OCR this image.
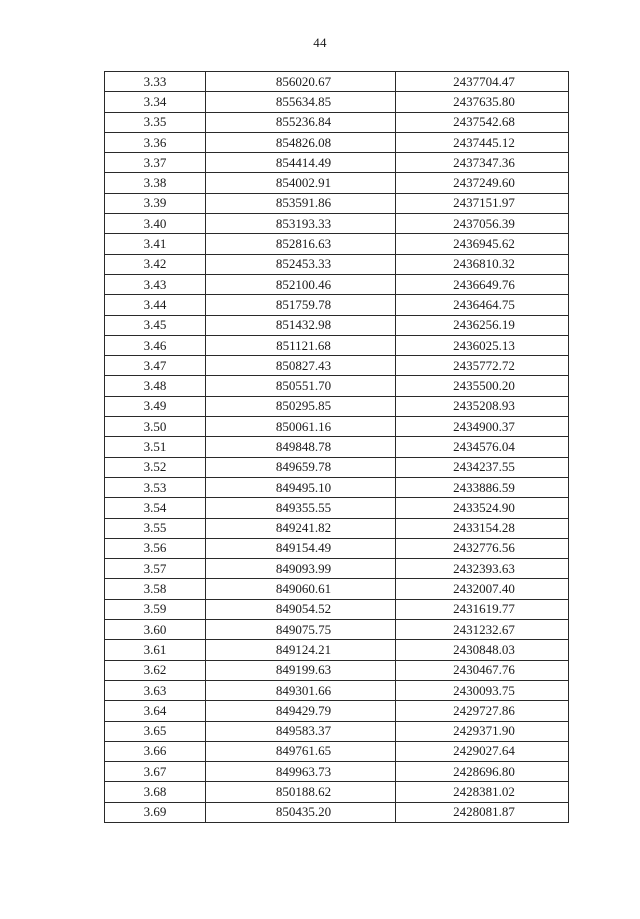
44
3.33	856020.67	2437704.47
3.34	855634.85	2437635.80
3.35	855236.84	2437542.68
3.36	854826.08	2437445.12
3.37	854414.49	2437347.36
3.38	854002.91	2437249.60
3.39	853591.86	2437151.97
3.40	853193.33	2437056.39
3.41	852816.63	2436945.62
3.42	852453.33	2436810.32
3.43	852100.46	2436649.76
3.44	851759.78	2436464.75
3.45	851432.98	2436256.19
3.46	851121.68	2436025.13
3.47	850827.43	2435772.72
3.48	850551.70	2435500.20
3.49	850295.85	2435208.93
3.50	850061.16	2434900.37
3.51	849848.78	2434576.04
3.52	849659.78	2434237.55
3.53	849495.10	2433886.59
3.54	849355.55	2433524.90
3.55	849241.82	2433154.28
3.56	849154.49	2432776.56
3.57	849093.99	2432393.63
3.58	849060.61	2432007.40
3.59	849054.52	2431619.77
3.60	849075.75	2431232.67
3.61	849124.21	2430848.03
3.62	849199.63	2430467.76
3.63	849301.66	2430093.75
3.64	849429.79	2429727.86
3.65	849583.37	2429371.90
3.66	849761.65	2429027.64
3.67	849963.73	2428696.80
3.68	850188.62	2428381.02
3.69	850435.20	2428081.87
